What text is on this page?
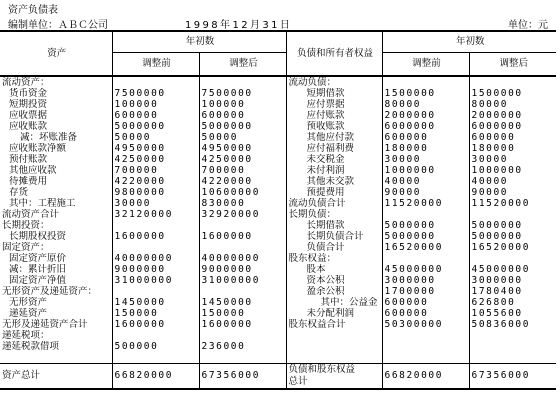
资产负债表
编制单位：ＡＢＣ公司	1998年12月31日	单位：元
资产	年初数		负债和所有者权益	年初数	
	调整前	调整后		调整前	调整后
流动资产：			流动负债：		
货币资金	7500000	7500000	短期借款	1500000	1500000
短期投资	100000	100000	应付票据	80000	80000
应收票据	600000	600000	应付账款	2000000	2000000
应收账款	5000000	5000000	预收账款	6000000	6000000
减：坏账准备	50000	50000	其他应付款	600000	600000
应收账款净额	4950000	4950000	应付福利费	180000	180000
预付账款	4250000	4250000	未交税金	30000	30000
其他应收款	700000	700000	未付利润	1000000	1000000
待摊费用	4220000	4220000	其他未交款	40000	40000
存货	9800000	10600000	预提费用	90000	90000
其中：工程施工	30000	830000	流动负债合计	11520000	11520000
流动资产合计	32120000	32920000	长期负债：		
长期投资：			长期借款	5000000	5000000
长期股权投资	1600000	1600000	长期负债合计	5000000	5000000
固定资产：			负债合计	16520000	16520000
固定资产原价	40000000	40000000	股东权益：		
减：累计折旧	9000000	9000000	股本	45000000	45000000
固定资产净值	31000000	31000000	资本公积	3000000	3000000
无形资产及递延资产：			盈余公积	1700000	1780400
无形资产	1450000	1450000	其中：公益金	600000	626800
递延资产	150000	150000	未分配利润	600000	1055600
无形及递延资产合计	1600000	1600000	股东权益合计	50300000	50836000
递延税项：					
递延税款借项	500000	236000			

资产总计	66820000	67356000	负债和股东权益
总计	66820000	67356000
